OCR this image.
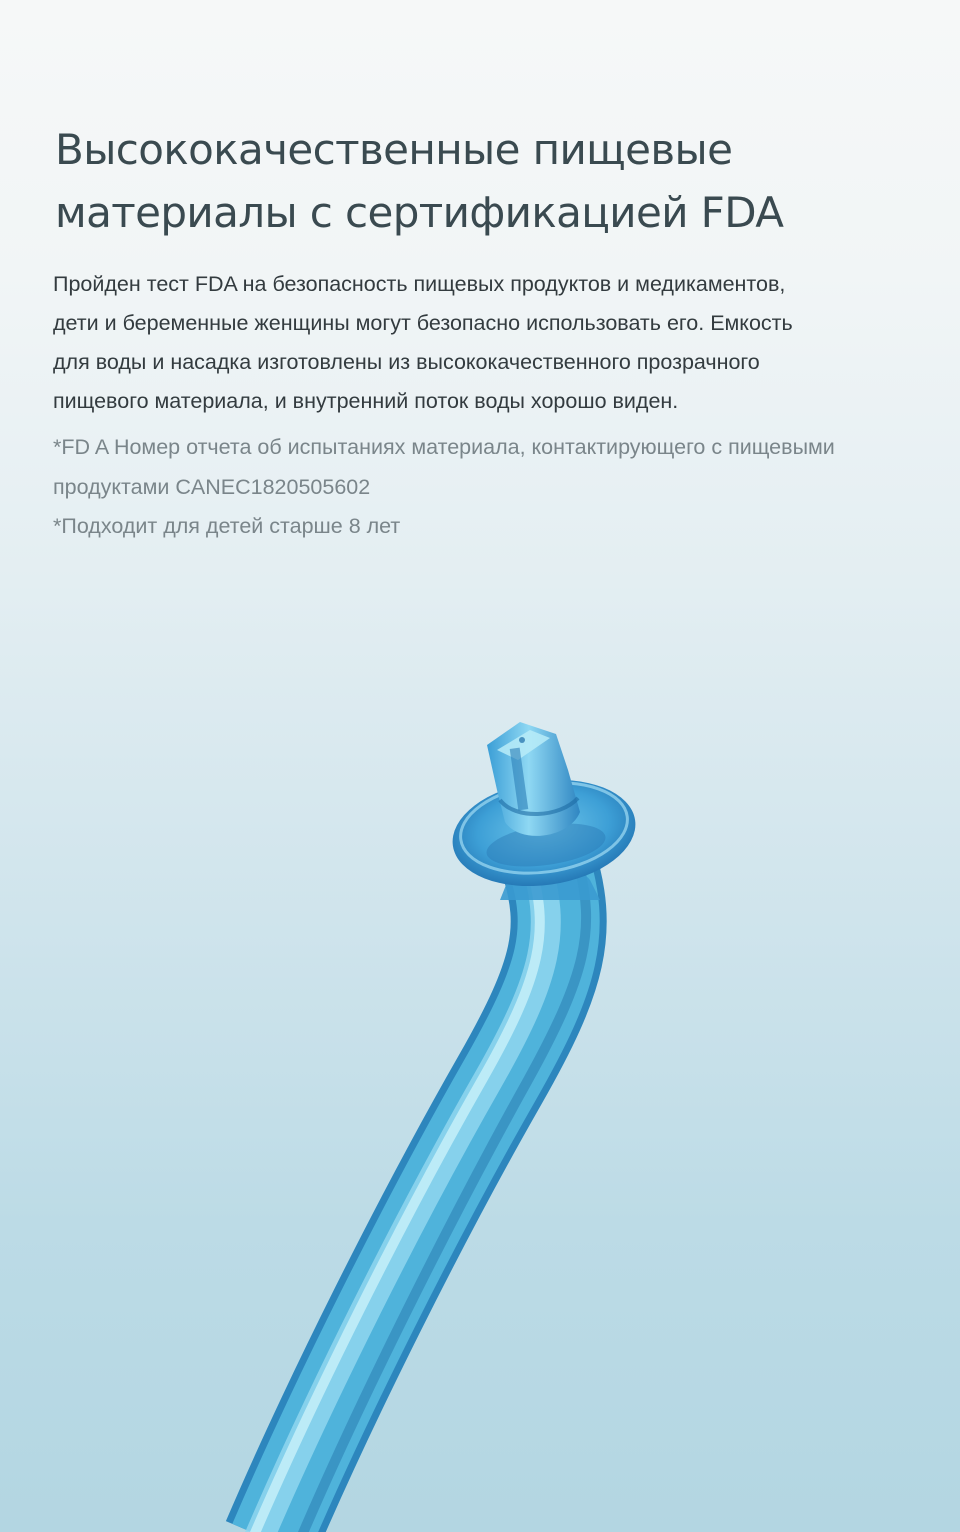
Высококачественные пищевые
материалы с сертификацией FDA

Пройден тест FDA на безопасность пищевых продуктов и медикаментов,
дети и беременные женщины могут безопасно использовать его. Емкость
для воды и насадка изготовлены из высококачественного прозрачного
пищевого материала, и внутренний поток воды хорошо виден.

*FD A Номер отчета об испытаниях материала, контактирующего с пищевыми
продуктами CANEC1820505602
*Подходит для детей старше 8 лет
